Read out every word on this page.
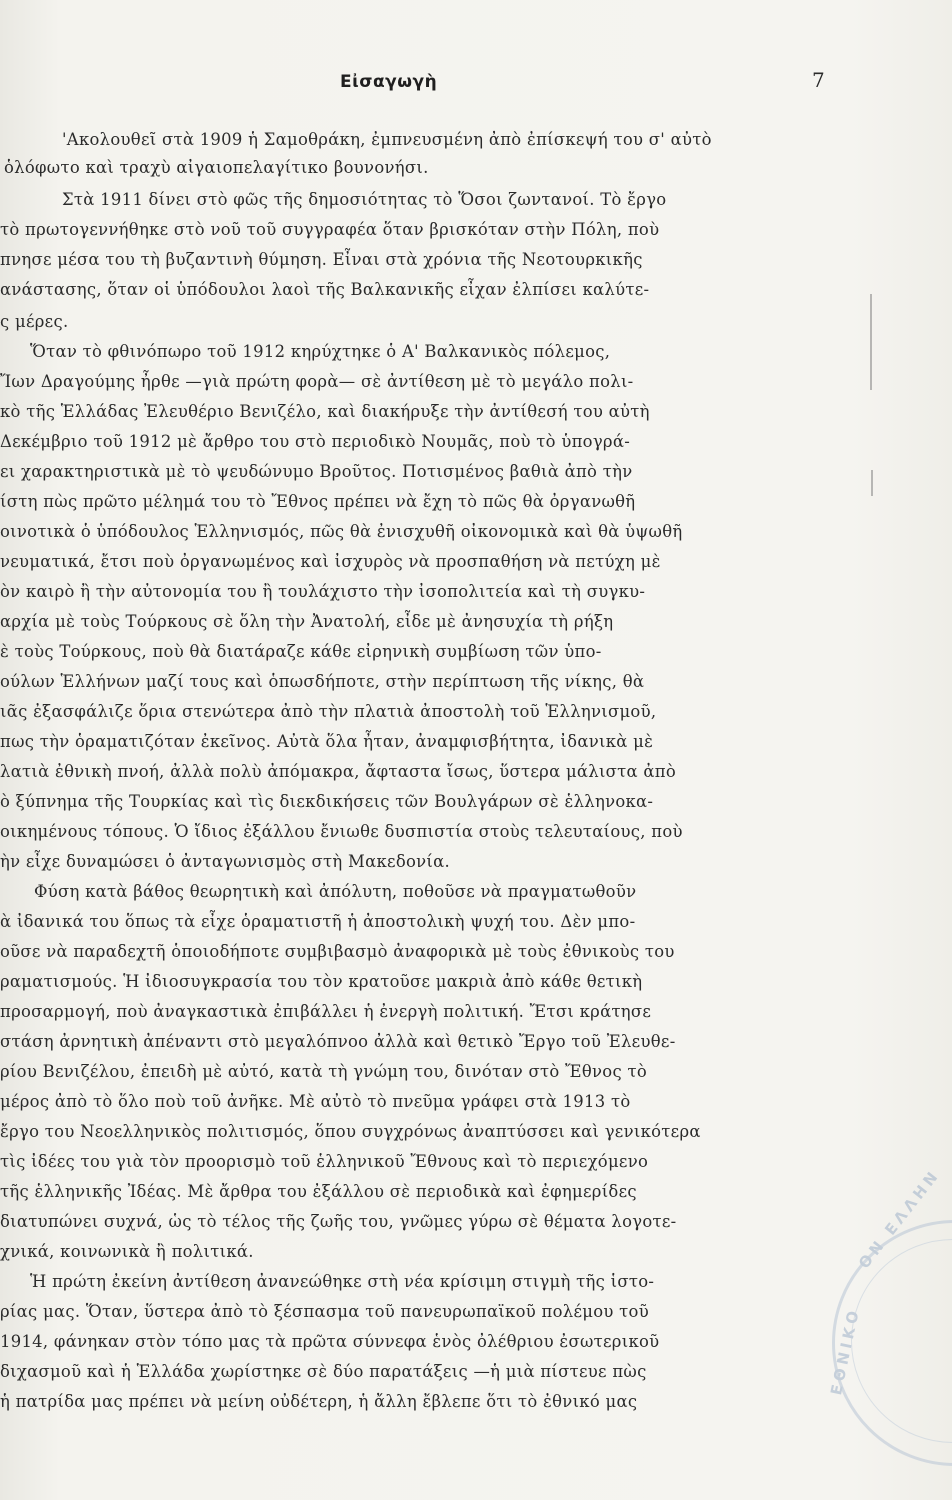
Εἰσαγωγὴ	7
'Ακολουθεῖ στὰ 1909 ἡ Σαμοθράκη, ἐμπνευσμένη ἀπὸ ἐπίσκεψή του σ' αὐτὸ
ὁλόφωτο καὶ τραχὺ αἰγαιοπελαγίτικο βουνονήσι.
Στὰ 1911 δίνει στὸ φῶς τῆς δημοσιότητας τὸ Ὅσοι ζωντανοί. Τὸ ἔργο
τὸ πρωτογεννήθηκε στὸ νοῦ τοῦ συγγραφέα ὅταν βρισκόταν στὴν Πόλη, ποὺ
πνησε μέσα του τὴ βυζαντινὴ θύμηση. Εἶναι στὰ χρόνια τῆς Νεοτουρκικῆς
ανάστασης, ὅταν οἱ ὑπόδουλοι λαοὶ τῆς Βαλκανικῆς εἶχαν ἐλπίσει καλύτε-
ς μέρες.
Ὅταν τὸ φθινόπωρο τοῦ 1912 κηρύχτηκε ὁ Α' Βαλκανικὸς πόλεμος,
Ἴων Δραγούμης ἦρθε —γιὰ πρώτη φορὰ— σὲ ἀντίθεση μὲ τὸ μεγάλο πολι-
κὸ τῆς Ἑλλάδας Ἐλευθέριο Βενιζέλο, καὶ διακήρυξε τὴν ἀντίθεσή του αὐτὴ
Δεκέμβριο τοῦ 1912 μὲ ἄρθρο του στὸ περιοδικὸ Νουμᾶς, ποὺ τὸ ὑπογρά-
ει χαρακτηριστικὰ μὲ τὸ ψευδώνυμο Βροῦτος. Ποτισμένος βαθιὰ ἀπὸ τὴν
ίστη πὼς πρῶτο μέλημά του τὸ Ἔθνος πρέπει νὰ ἔχη τὸ πῶς θὰ ὀργανωθῆ
οινοτικὰ ὁ ὑπόδουλος Ἑλληνισμός, πῶς θὰ ἐνισχυθῆ οἰκονομικὰ καὶ θὰ ὑψωθῆ
νευματικά, ἔτσι ποὺ ὀργανωμένος καὶ ἰσχυρὸς νὰ προσπαθήση νὰ πετύχη μὲ
ὸν καιρὸ ἢ τὴν αὐτονομία του ἢ τουλάχιστο τὴν ἰσοπολιτεία καὶ τὴ συγκυ-
αρχία μὲ τοὺς Τούρκους σὲ ὅλη τὴν Ἀνατολή, εἶδε μὲ ἀνησυχία τὴ ρήξη
ὲ τοὺς Τούρκους, ποὺ θὰ διατάραζε κάθε εἰρηνικὴ συμβίωση τῶν ὑπο-
ούλων Ἑλλήνων μαζί τους καὶ ὁπωσδήποτε, στὴν περίπτωση τῆς νίκης, θὰ
ιᾶς ἐξασφάλιζε ὅρια στενώτερα ἀπὸ τὴν πλατιὰ ἀποστολὴ τοῦ Ἑλληνισμοῦ,
πως τὴν ὁραματιζόταν ἐκεῖνος. Αὐτὰ ὅλα ἦταν, ἀναμφισβήτητα, ἰδανικὰ μὲ
λατιὰ ἐθνικὴ πνοή, ἀλλὰ πολὺ ἀπόμακρα, ἄφταστα ἴσως, ὕστερα μάλιστα ἀπὸ
ὸ ξύπνημα τῆς Τουρκίας καὶ τὶς διεκδικήσεις τῶν Βουλγάρων σὲ ἑλληνοκα-
οικημένους τόπους. Ὁ ἴδιος ἐξάλλου ἔνιωθε δυσπιστία στοὺς τελευταίους, ποὺ
ὴν εἶχε δυναμώσει ὁ ἀνταγωνισμὸς στὴ Μακεδονία.
Φύση κατὰ βάθος θεωρητικὴ καὶ ἀπόλυτη, ποθοῦσε νὰ πραγματωθοῦν
ὰ ἰδανικά του ὅπως τὰ εἶχε ὁραματιστῆ ἡ ἀποστολικὴ ψυχή του. Δὲν μπο-
οῦσε νὰ παραδεχτῆ ὁποιοδήποτε συμβιβασμὸ ἀναφορικὰ μὲ τοὺς ἐθνικοὺς του
ραματισμούς. Ἡ ἰδιοσυγκρασία του τὸν κρατοῦσε μακριὰ ἀπὸ κάθε θετικὴ
προσαρμογή, ποὺ ἀναγκαστικὰ ἐπιβάλλει ἡ ἐνεργὴ πολιτική. Ἔτσι κράτησε
στάση ἀρνητικὴ ἀπέναντι στὸ μεγαλόπνοο ἀλλὰ καὶ θετικὸ Ἔργο τοῦ Ἐλευθε-
ρίου Βενιζέλου, ἐπειδὴ μὲ αὐτό, κατὰ τὴ γνώμη του, δινόταν στὸ Ἔθνος τὸ
μέρος ἀπὸ τὸ ὅλο ποὺ τοῦ ἀνῆκε. Μὲ αὐτὸ τὸ πνεῦμα γράφει στὰ 1913 τὸ
ἔργο του Νεοελληνικὸς πολιτισμός, ὅπου συγχρόνως ἀναπτύσσει καὶ γενικότερα
τὶς ἰδέες του γιὰ τὸν προορισμὸ τοῦ ἑλληνικοῦ Ἔθνους καὶ τὸ περιεχόμενο
τῆς ἑλληνικῆς Ἰδέας. Μὲ ἄρθρα του ἐξάλλου σὲ περιοδικὰ καὶ ἐφημερίδες
διατυπώνει συχνά, ὡς τὸ τέλος τῆς ζωῆς του, γνῶμες γύρω σὲ θέματα λογοτε-
χνικά, κοινωνικὰ ἢ πολιτικά.
Ἡ πρώτη ἐκείνη ἀντίθεση ἀνανεώθηκε στὴ νέα κρίσιμη στιγμὴ τῆς ἱστο-
ρίας μας. Ὅταν, ὕστερα ἀπὸ τὸ ξέσπασμα τοῦ πανευρωπαϊκοῦ πολέμου τοῦ
1914, φάνηκαν στὸν τόπο μας τὰ πρῶτα σύννεφα ἑνὸς ὀλέθριου ἐσωτερικοῦ
διχασμοῦ καὶ ἡ Ἑλλάδα χωρίστηκε σὲ δύο παρατάξεις —ἡ μιὰ πίστευε πὼς
ἡ πατρίδα μας πρέπει νὰ μείνη οὐδέτερη, ἡ ἄλλη ἔβλεπε ὅτι τὸ ἐθνικό μας
ΟΝ ΕΛΛΗΝ
ΕΘΝΙΚΟ
